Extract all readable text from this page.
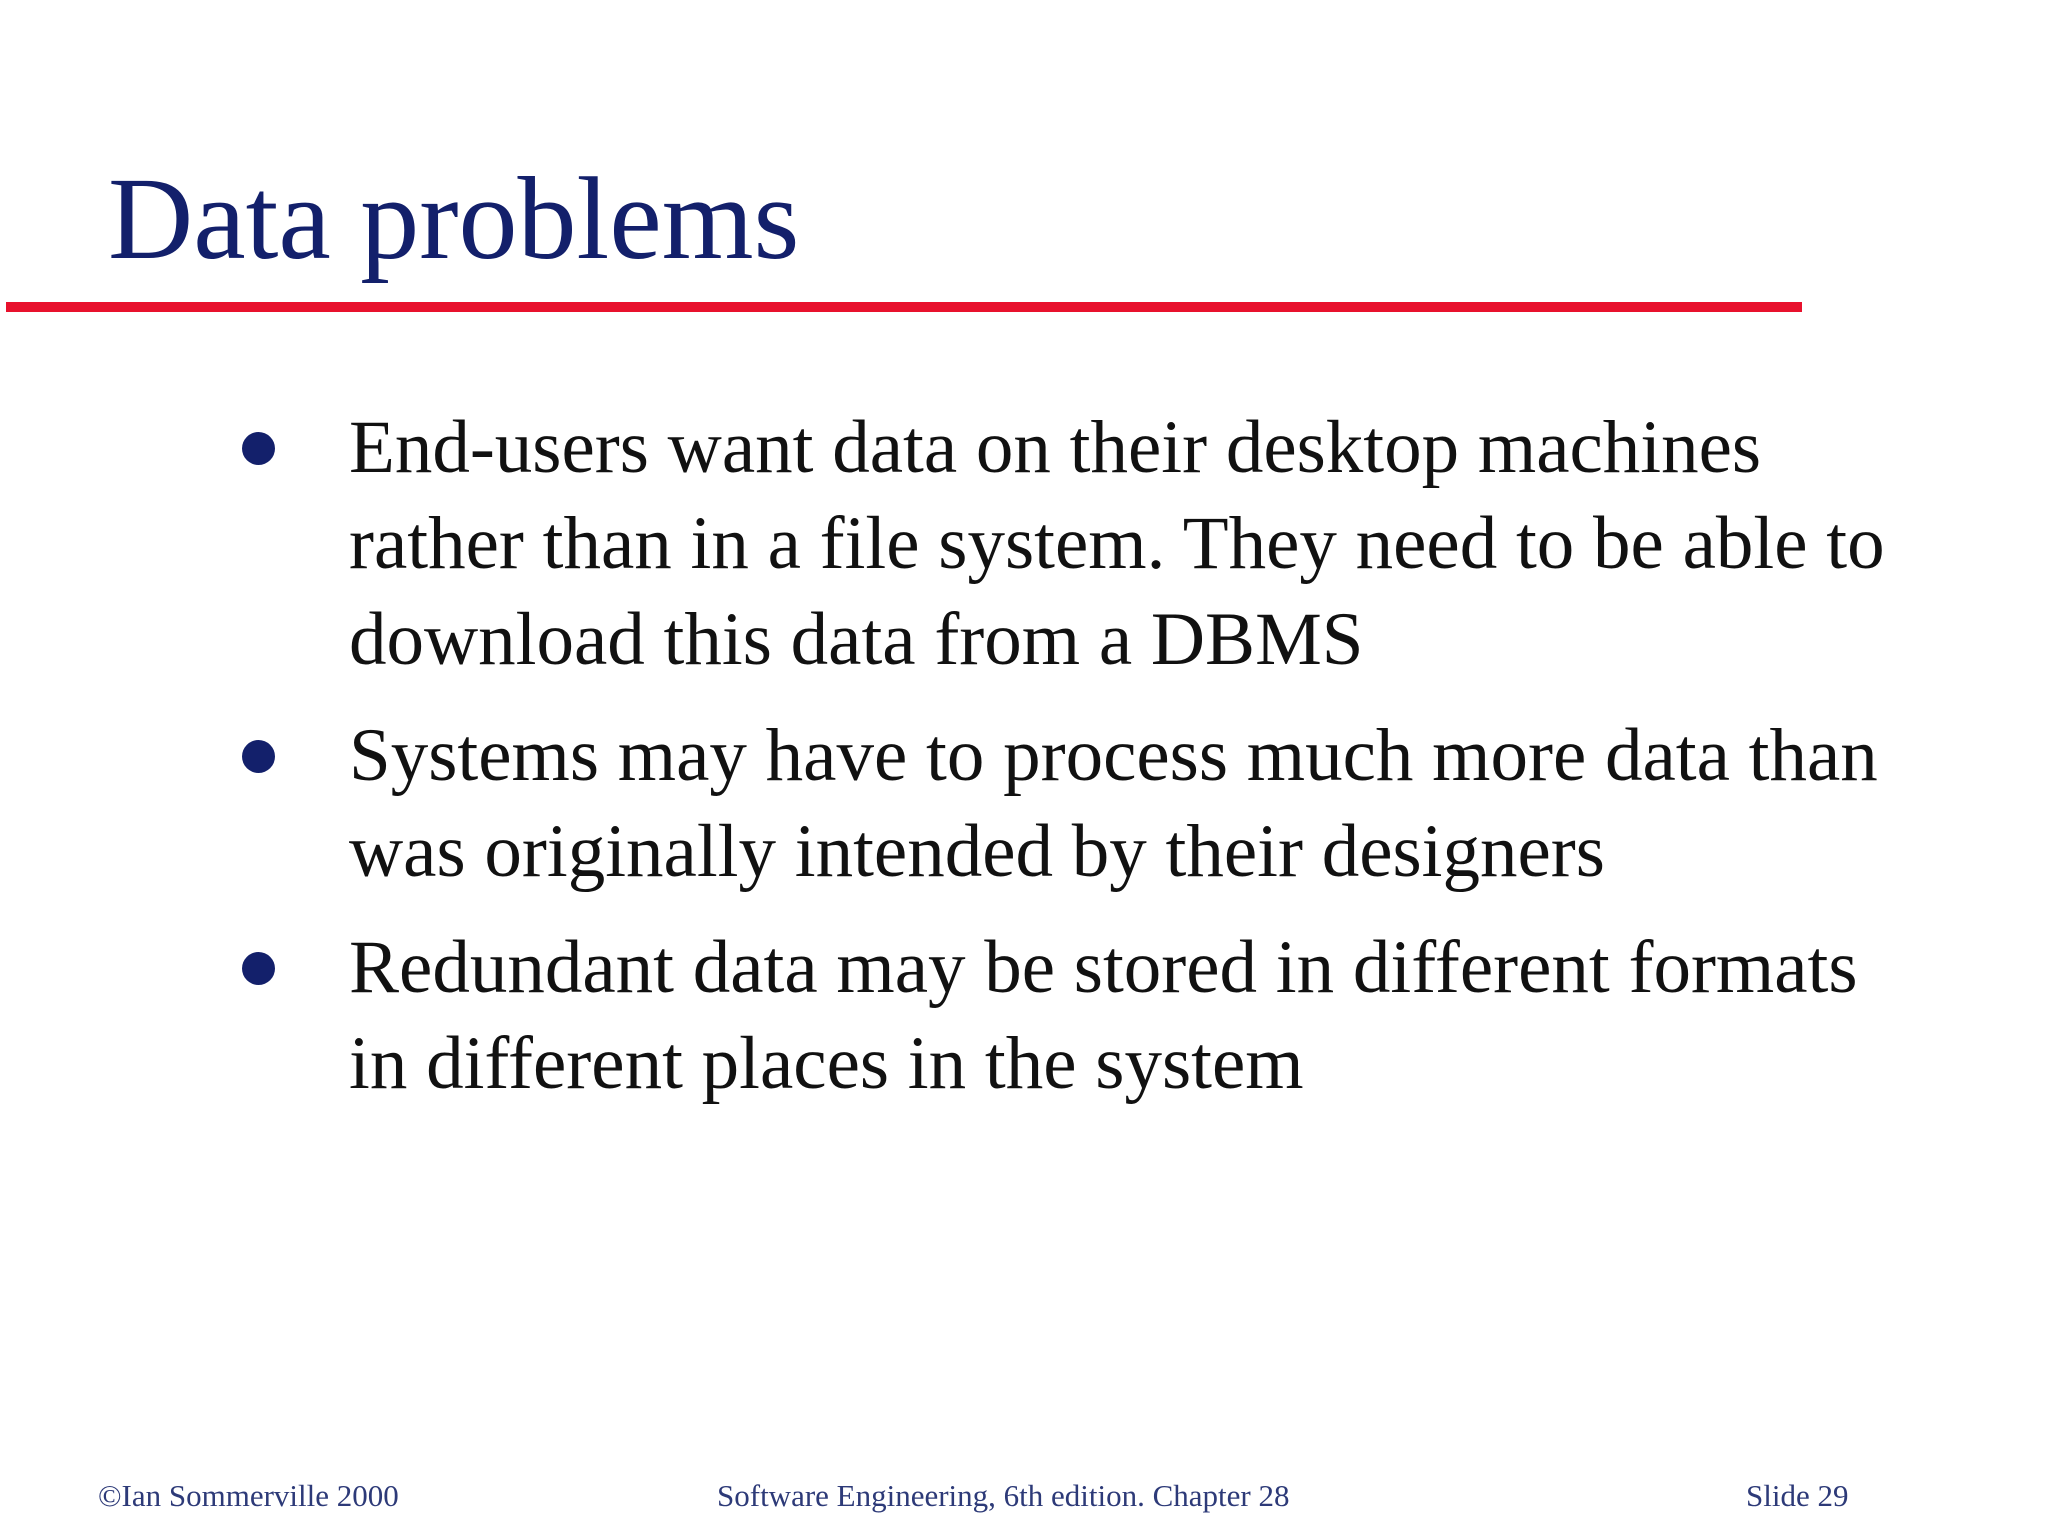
Data problems
End-users want data on their desktop machines
rather than in a file system. They need to be able to
download this data from a DBMS
Systems may have to process much more data than
was originally intended by their designers
Redundant data may be stored in different formats
in different places in the system
©Ian Sommerville 2000	Software Engineering, 6th edition. Chapter 28	Slide 29
